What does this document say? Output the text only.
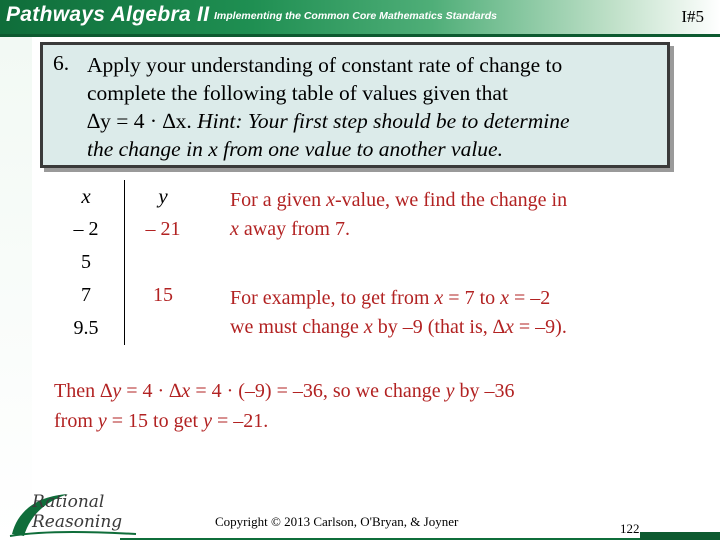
Pathways Algebra II Implementing the Common Core Mathematics Standards	I#5
6. Apply your understanding of constant rate of change to
complete the following table of values given that
∆y = 4 · ∆x. Hint: Your first step should be to determine
the change in x from one value to another value.
x	y
– 2	– 21
5	
7	15
9.5	
For a given x-value, we find the change in
x away from 7.
For example, to get from x = 7 to x = –2
we must change x by –9 (that is, ∆x = –9).
Then ∆y = 4 · ∆x = 4 · (–9) = –36, so we change y by –36
from y = 15 to get y = –21.
Rational
Reasoning	Copyright © 2013 Carlson, O'Bryan, & Joyner	122
